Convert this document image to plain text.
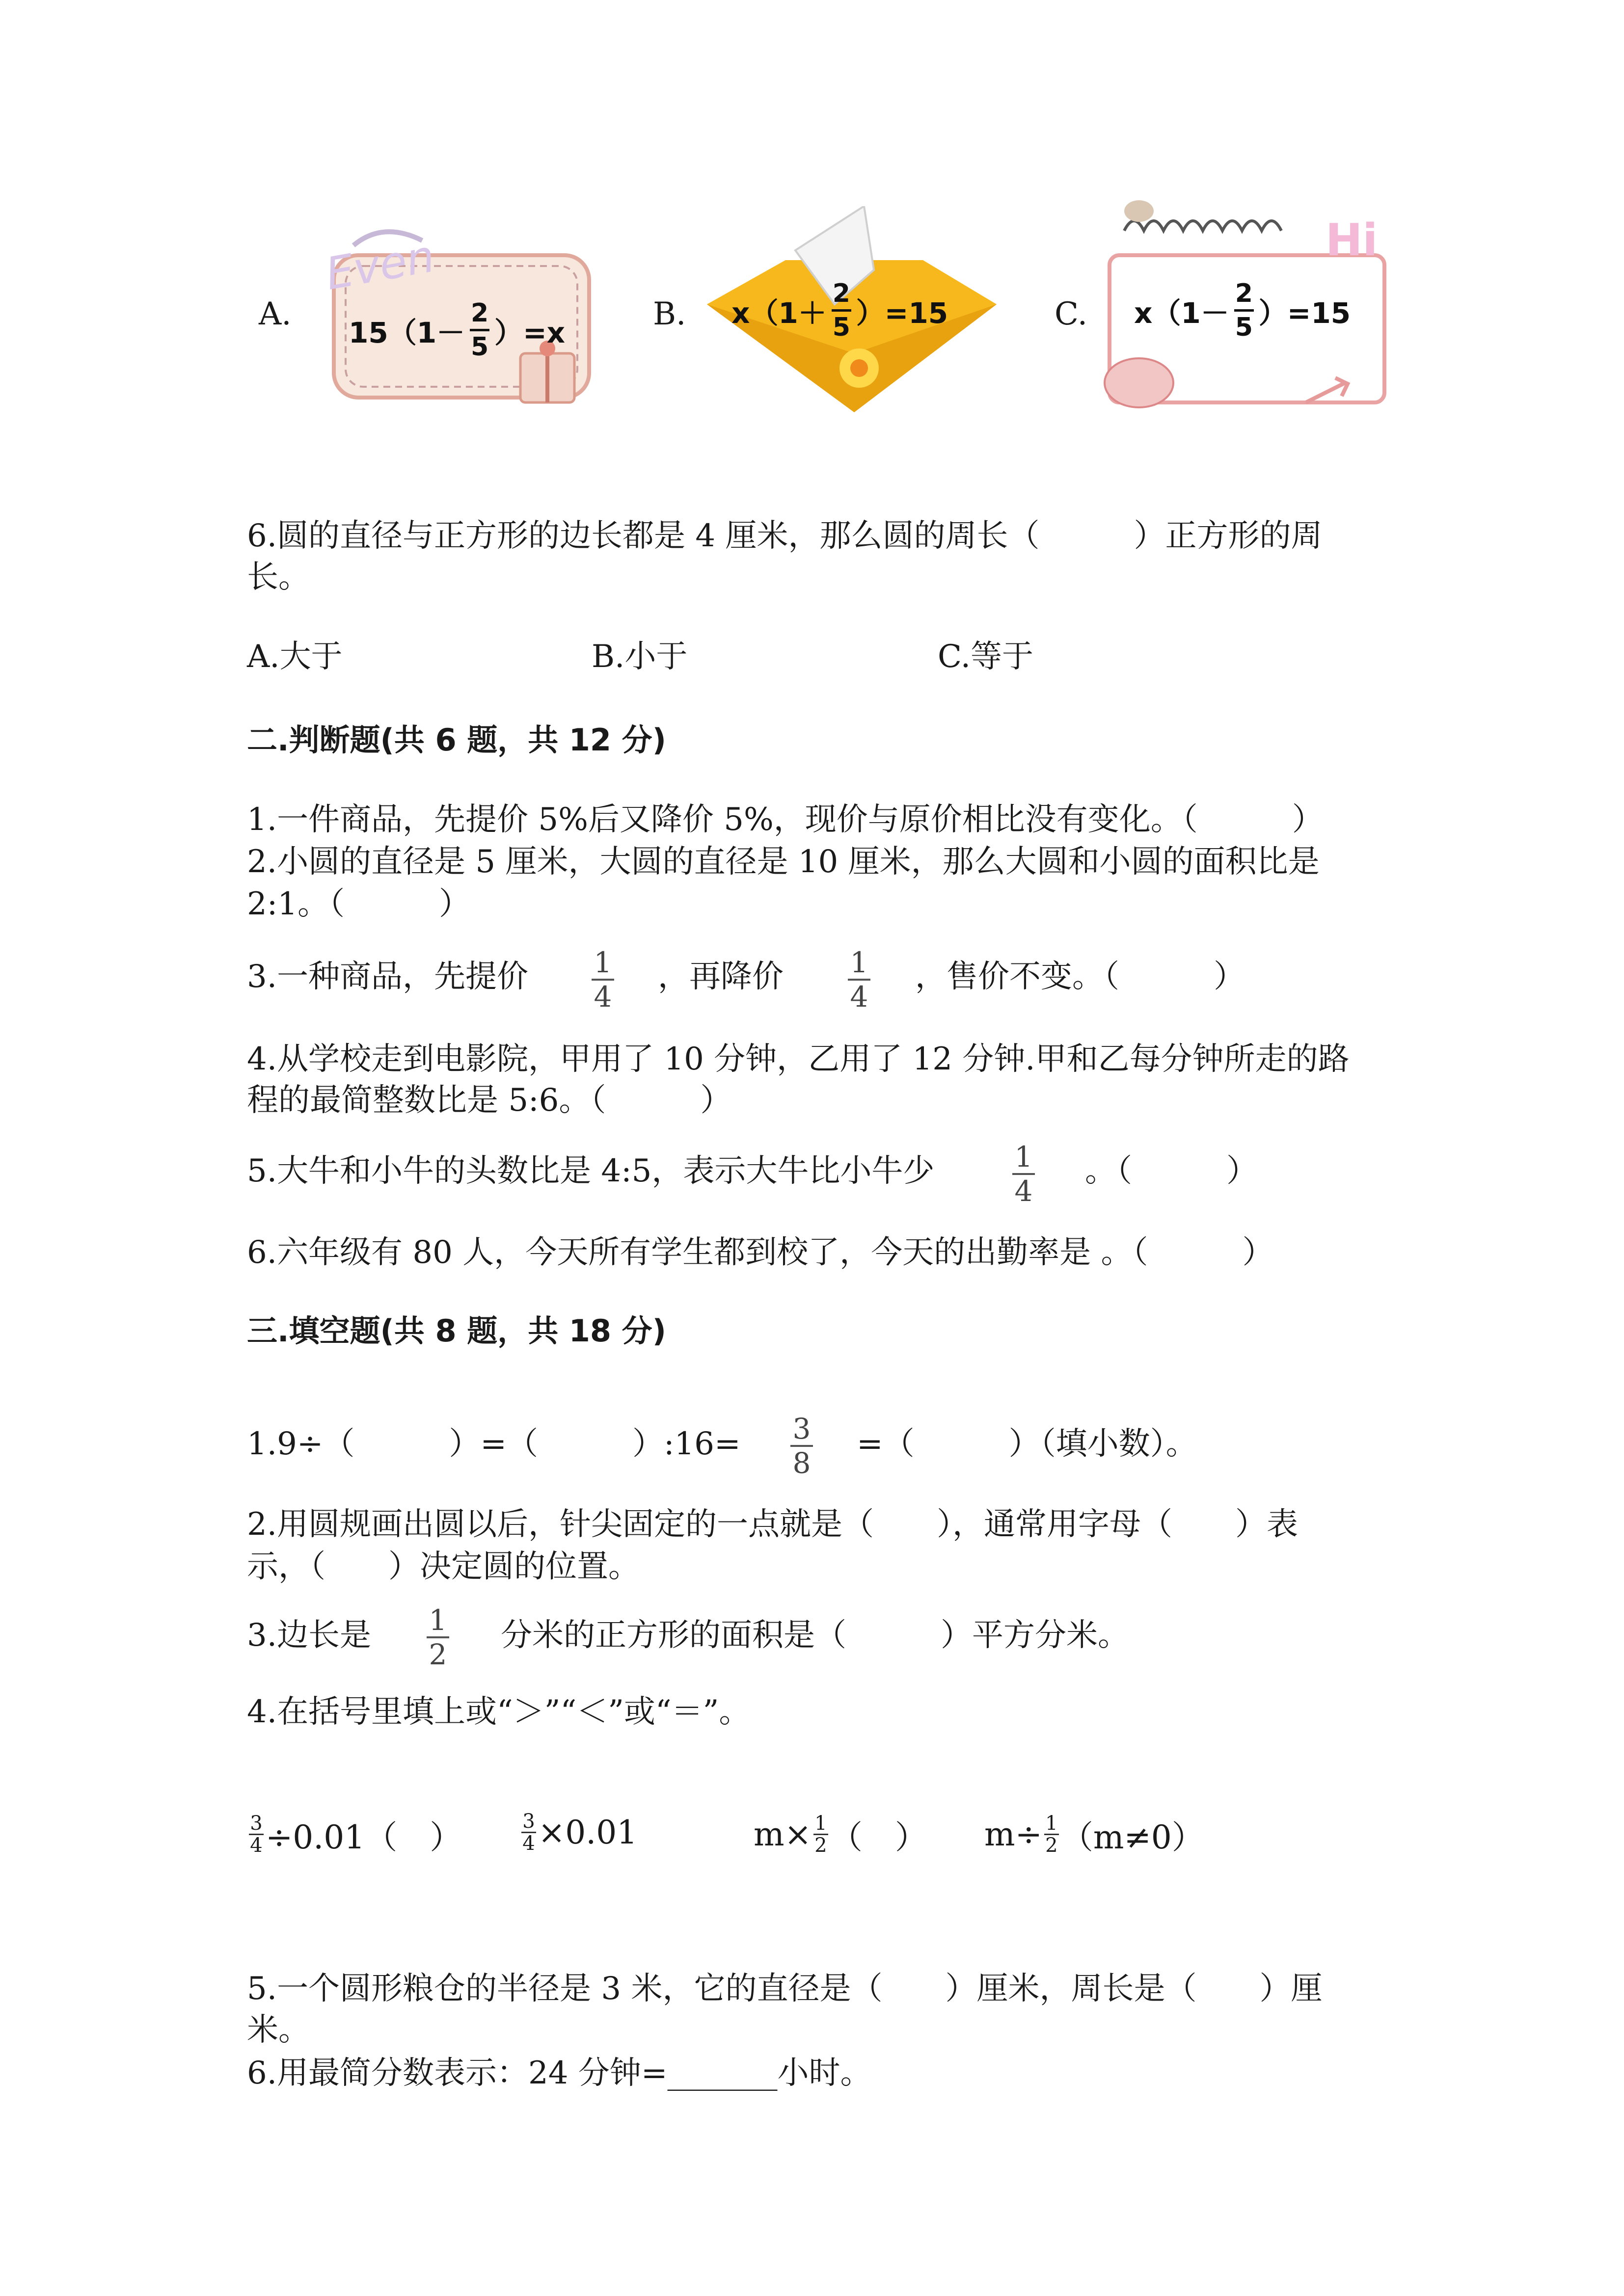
A.
Even
15（1－
2
5 ）=x
B. x（1＋
2
5 ）=15	C.
Hi
x（1－
2
5 ）=15
6.圆的直径与正方形的边长都是 4 厘米，那么圆的周长（　　　）正方形的周
长。
A.大于	B.小于	C.等于
二.判断题(共 6 题，共 12 分)
1.一件商品，先提价 5%后又降价 5%，现价与原价相比没有变化。（　　　）
2.小圆的直径是 5 厘米，大圆的直径是 10 厘米，那么大圆和小圆的面积比是
2:1。（　　　）
3.一种商品，先提价 1
4
，再降价 1
4
，售价不变。（　　　）
4.从学校走到电影院，甲用了 10 分钟，乙用了 12 分钟.甲和乙每分钟所走的路
程的最简整数比是 5:6。（　　　）
5.大牛和小牛的头数比是 4:5，表示大牛比小牛少	1
4
。（　　　）
6.六年级有 80 人，今天所有学生都到校了，今天的出勤率是 。（　　　）
三.填空题(共 8 题，共 18 分)
1.9÷（　　　）=（　　　）:16= 3
8
=（　　　）（填小数）。
2.用圆规画出圆以后，针尖固定的一点就是（　　），通常用字母（　　）表
示，（　　）决定圆的位置。
3.边长是 1
2
分米的正方形的面积是（　　　）平方分米。
4.在括号里填上或“＞”“＜”或“＝”。
3
4 ÷0.01（　）	3
4 ×0.01	m× 1
2 （　） m÷ 1
2 （m≠0）
5.一个圆形粮仓的半径是 3 米，它的直径是（　　）厘米，周长是（　　）厘
米。
6.用最简分数表示：24 分钟=_______小时。
